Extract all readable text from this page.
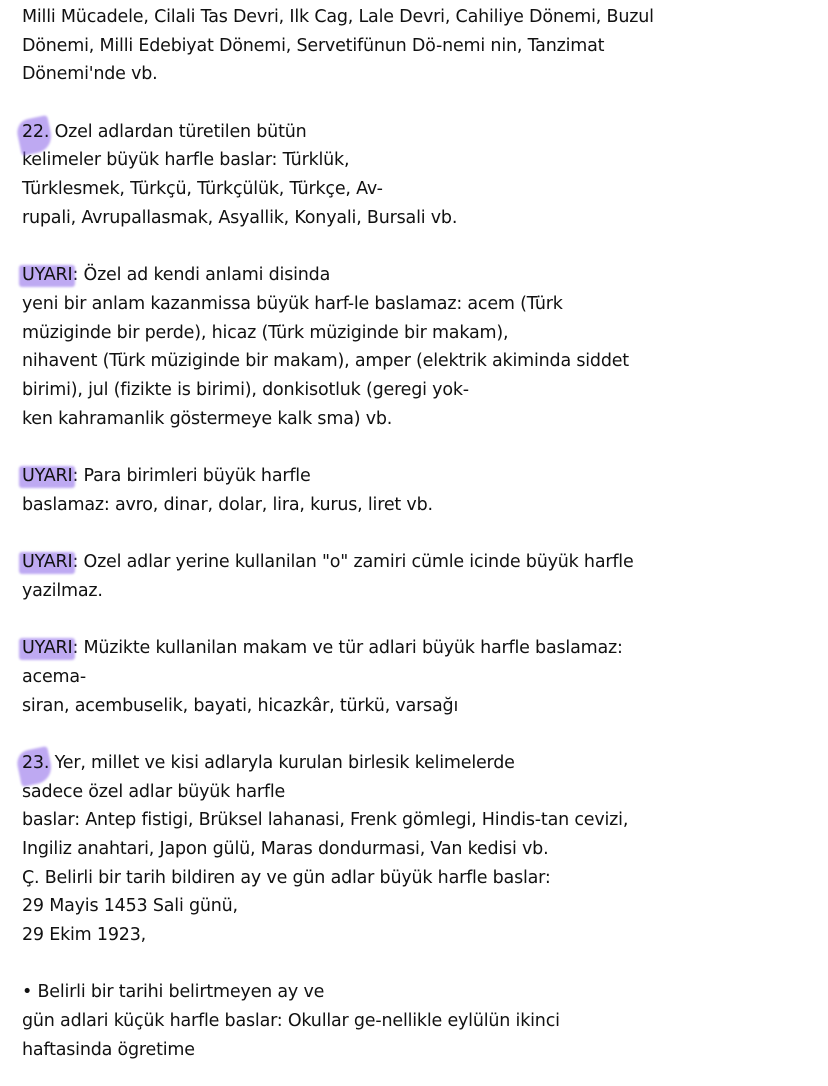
Milli Mücadele, Cilali Tas Devri, Ilk Cag, Lale Devri, Cahiliye Dönemi, Buzul
Dönemi, Milli Edebiyat Dönemi, Servetifünun Dö-nemi nin, Tanzimat
Dönemi'nde vb.
22. Ozel adlardan türetilen bütün
kelimeler büyük harfle baslar: Türklük,
Türklesmek, Türkçü, Türkçülük, Türkçe, Av-
rupali, Avrupallasmak, Asyallik, Konyali, Bursali vb.
UYARI: Özel ad kendi anlami disinda
yeni bir anlam kazanmissa büyük harf-le baslamaz: acem (Türk
müziginde bir perde), hicaz (Türk müziginde bir makam),
nihavent (Türk müziginde bir makam), amper (elektrik akiminda siddet
birimi), jul (fizikte is birimi), donkisotluk (geregi yok-
ken kahramanlik göstermeye kalk sma) vb.
UYARI: Para birimleri büyük harfle
baslamaz: avro, dinar, dolar, lira, kurus, liret vb.
UYARI: Ozel adlar yerine kullanilan "o" zamiri cümle icinde büyük harfle
yazilmaz.
UYARI: Müzikte kullanilan makam ve tür adlari büyük harfle baslamaz:
acema-
siran, acembuselik, bayati, hicazkâr, türkü, varsağı
23. Yer, millet ve kisi adlaryla kurulan birlesik kelimelerde
sadece özel adlar büyük harfle
baslar: Antep fistigi, Brüksel lahanasi, Frenk gömlegi, Hindis-tan cevizi,
Ingiliz anahtari, Japon gülü, Maras dondurmasi, Van kedisi vb.
Ç. Belirli bir tarih bildiren ay ve gün adlar büyük harfle baslar:
29 Mayis 1453 Sali günü,
29 Ekim 1923,
• Belirli bir tarihi belirtmeyen ay ve
gün adlari küçük harfle baslar: Okullar ge-nellikle eylülün ikinci
haftasinda ögretime
